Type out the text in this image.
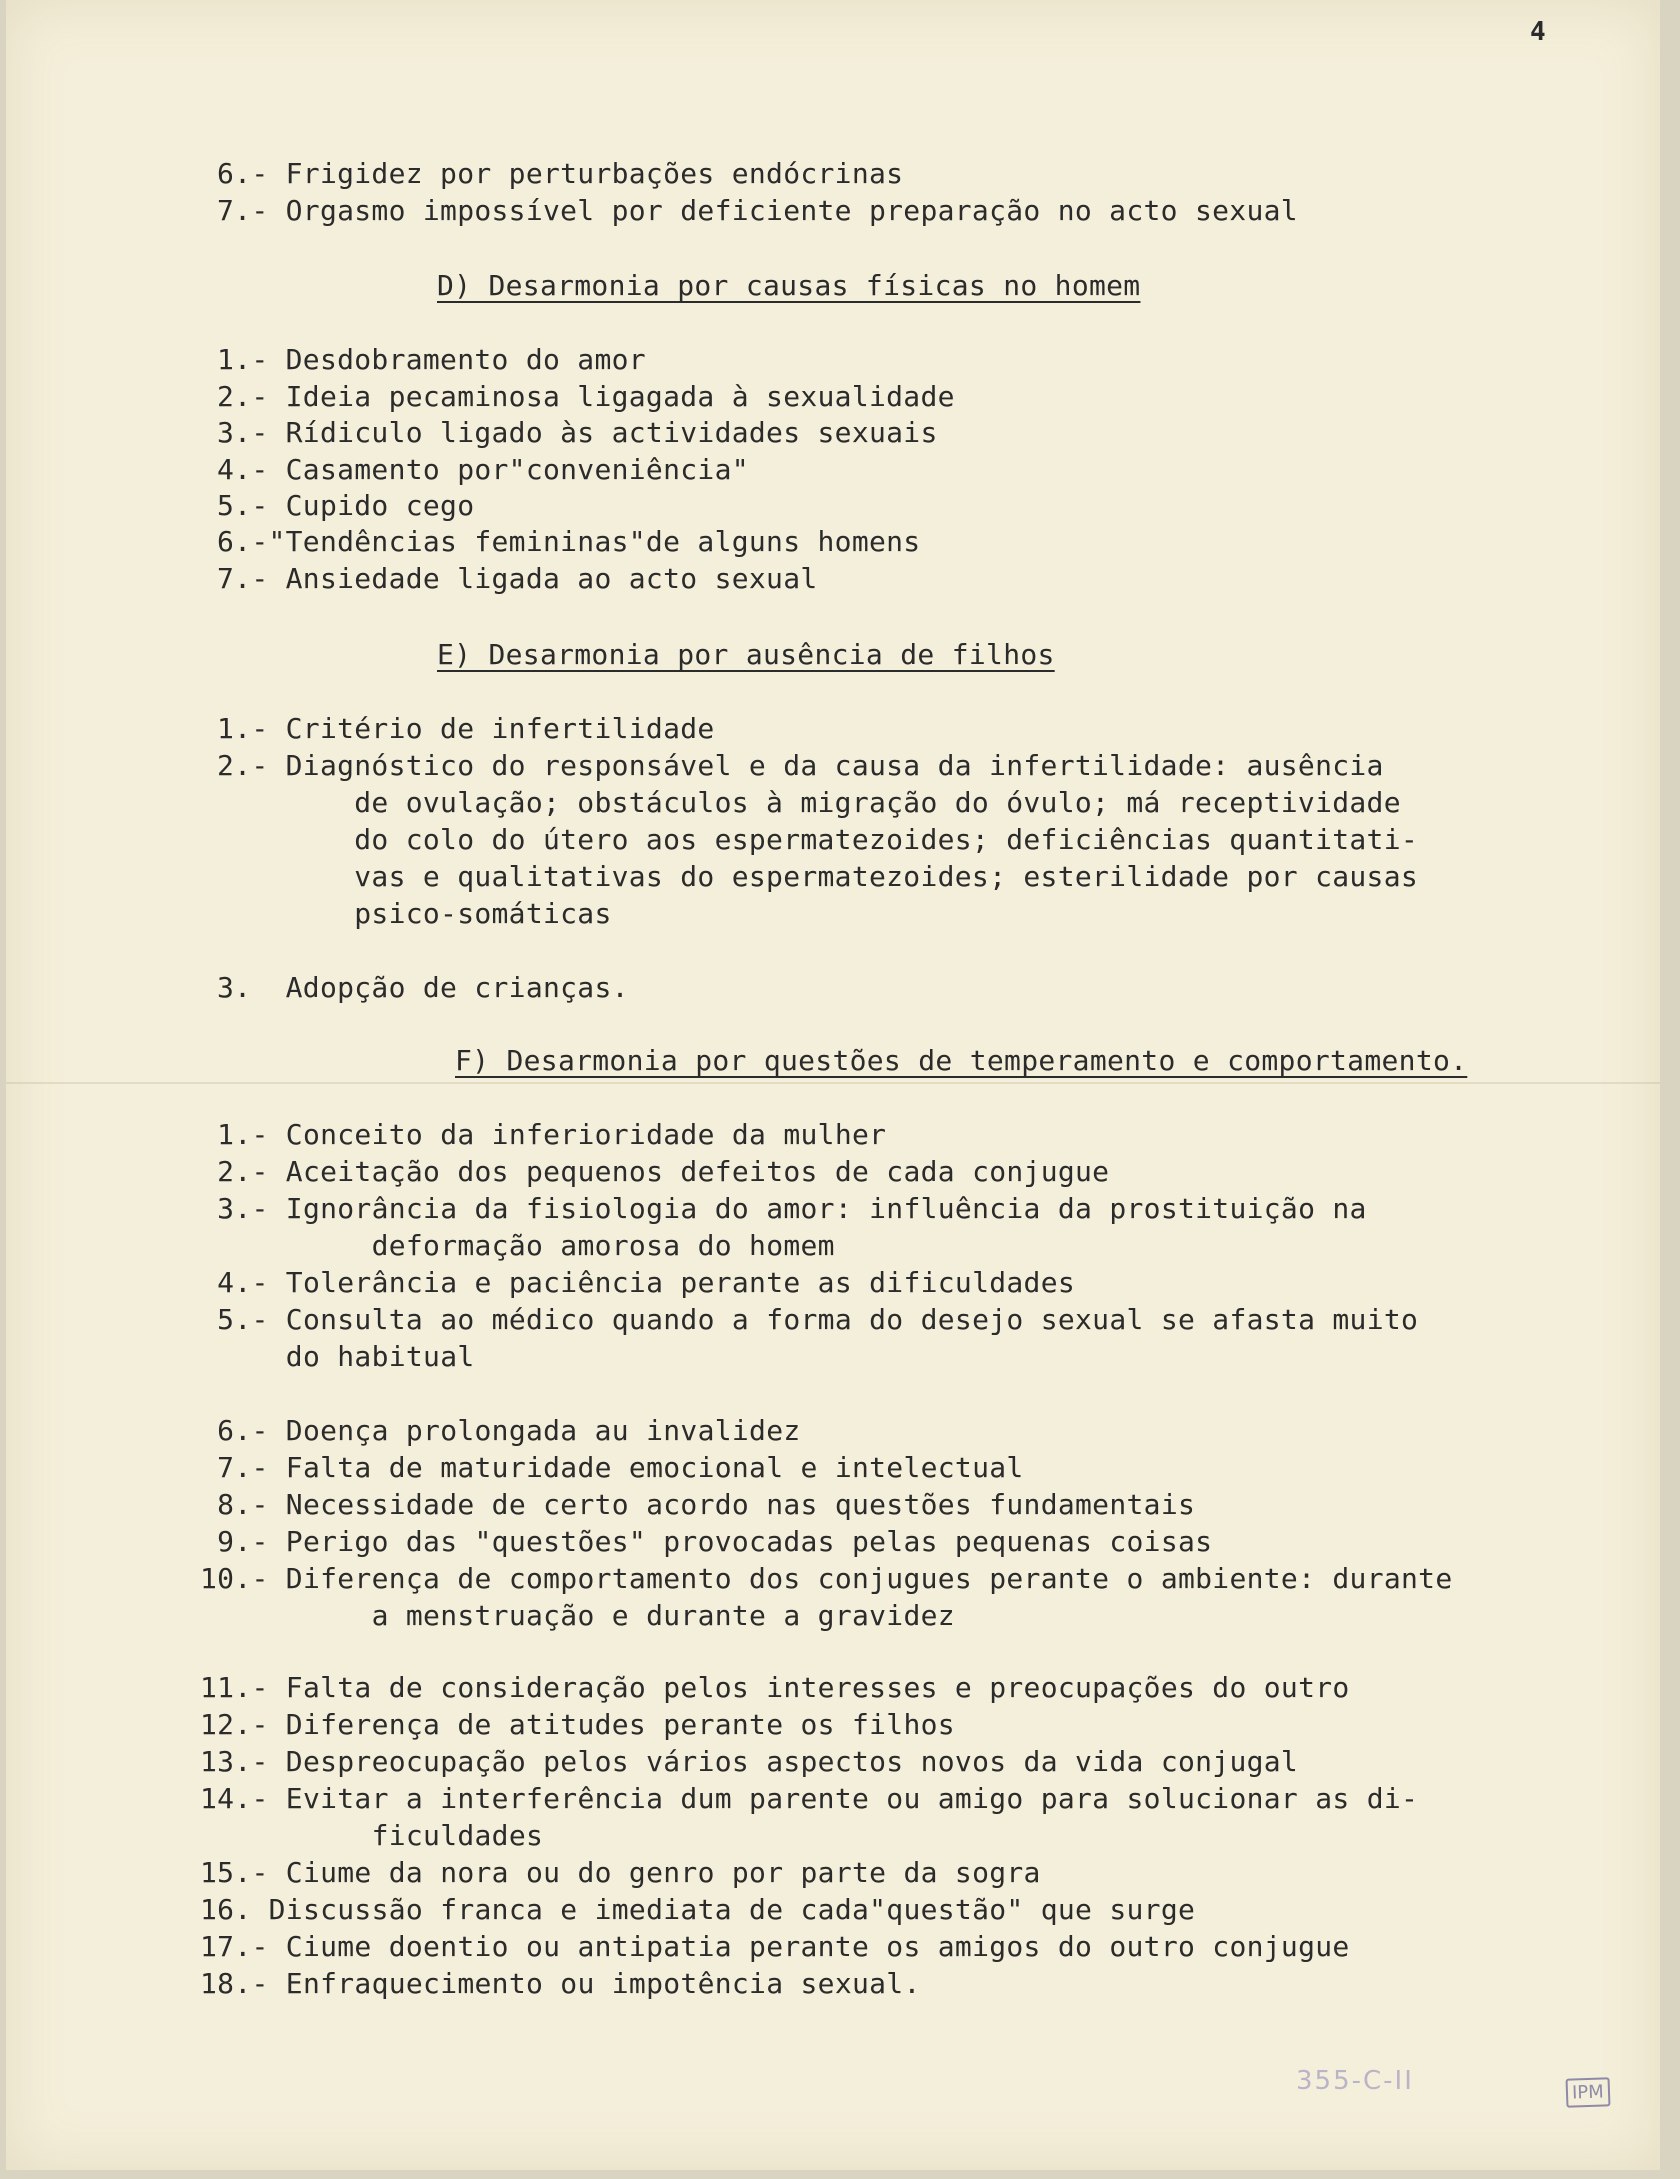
4
6.- Frigidez por perturbações endócrinas
7.- Orgasmo impossível por deficiente preparação no acto sexual
D) Desarmonia por causas físicas no homem
1.- Desdobramento do amor
2.- Ideia pecaminosa ligagada à sexualidade
3.- Rídiculo ligado às actividades sexuais
4.- Casamento por"conveniência"
5.- Cupido cego
6.-"Tendências femininas"de alguns homens
7.- Ansiedade ligada ao acto sexual
E) Desarmonia por ausência de filhos
1.- Critério de infertilidade
2.- Diagnóstico do responsável e da causa da infertilidade: ausência
de ovulação; obstáculos à migração do óvulo; má receptividade
do colo do útero aos espermatezoides; deficiências quantitati-
vas e qualitativas do espermatezoides; esterilidade por causas
psico-somáticas
3.  Adopção de crianças.
F) Desarmonia por questões de temperamento e comportamento.
1.- Conceito da inferioridade da mulher
2.- Aceitação dos pequenos defeitos de cada conjugue
3.- Ignorância da fisiologia do amor: influência da prostituição na
deformação amorosa do homem
4.- Tolerância e paciência perante as dificuldades
5.- Consulta ao médico quando a forma do desejo sexual se afasta muito
do habitual
6.- Doença prolongada au invalidez
7.- Falta de maturidade emocional e intelectual
8.- Necessidade de certo acordo nas questões fundamentais
9.- Perigo das "questões" provocadas pelas pequenas coisas
10.- Diferença de comportamento dos conjugues perante o ambiente: durante
a menstruação e durante a gravidez
11.- Falta de consideração pelos interesses e preocupações do outro
12.- Diferença de atitudes perante os filhos
13.- Despreocupação pelos vários aspectos novos da vida conjugal
14.- Evitar a interferência dum parente ou amigo para solucionar as di-
ficuldades
15.- Ciume da nora ou do genro por parte da sogra
16. Discussão franca e imediata de cada"questão" que surge
17.- Ciume doentio ou antipatia perante os amigos do outro conjugue
18.- Enfraquecimento ou impotência sexual.
355-C-II	IPM
